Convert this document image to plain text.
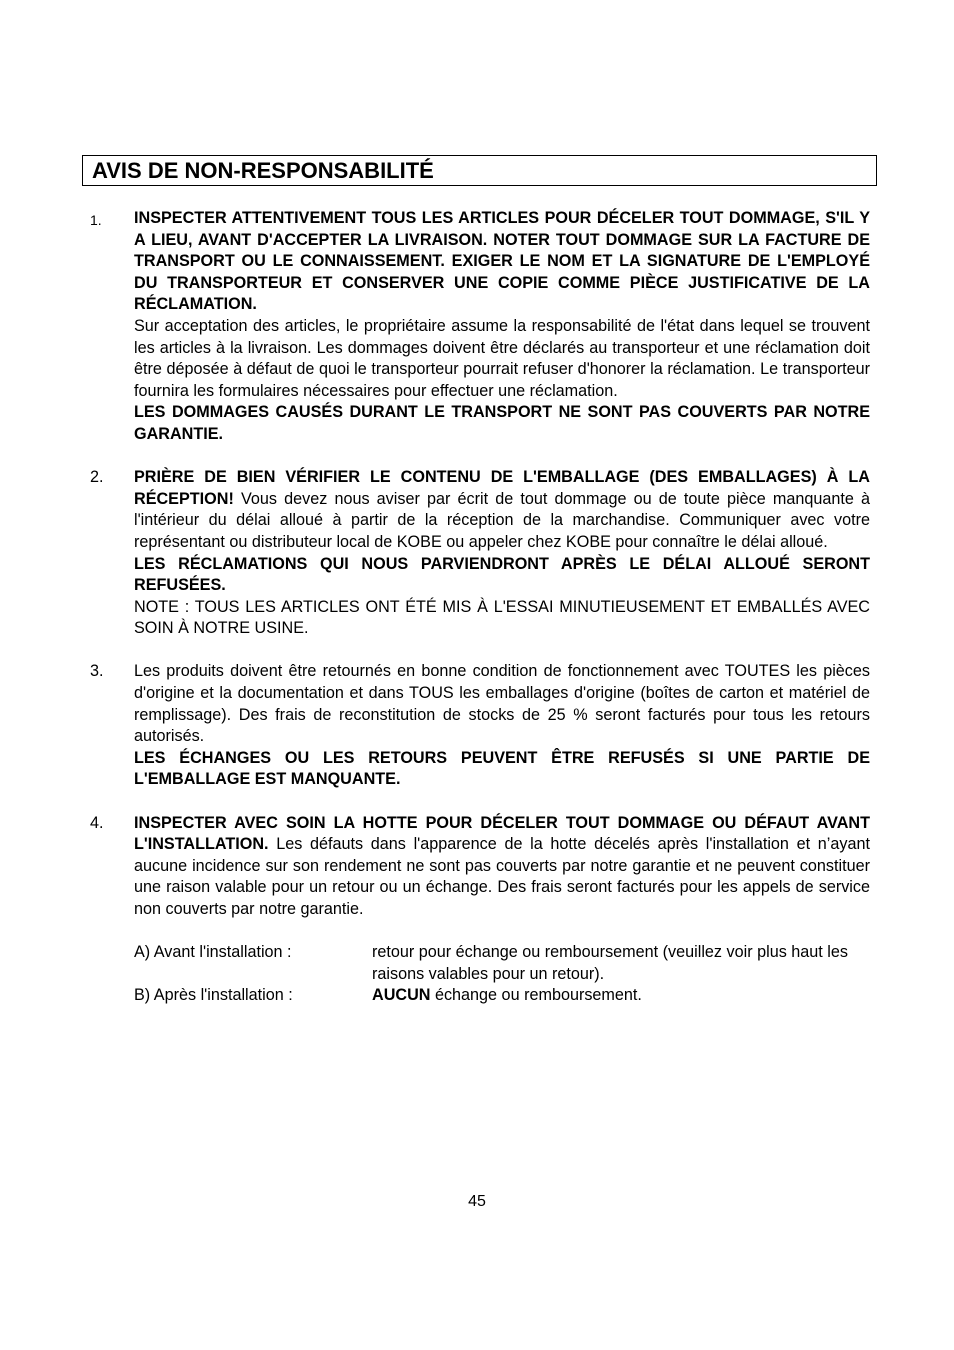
AVIS DE NON-RESPONSABILITÉ
1. INSPECTER ATTENTIVEMENT TOUS LES ARTICLES POUR DÉCELER TOUT DOMMAGE, S'IL Y A LIEU, AVANT D'ACCEPTER LA LIVRAISON. NOTER TOUT DOMMAGE SUR LA FACTURE DE TRANSPORT OU LE CONNAISSEMENT. EXIGER LE NOM ET LA SIGNATURE DE L'EMPLOYÉ DU TRANSPORTEUR ET CONSERVER UNE COPIE COMME PIÈCE JUSTIFICATIVE DE LA RÉCLAMATION.

Sur acceptation des articles, le propriétaire assume la responsabilité de l'état dans lequel se trouvent les articles à la livraison. Les dommages doivent être déclarés au transporteur et une réclamation doit être déposée à défaut de quoi le transporteur pourrait refuser d'honorer la réclamation. Le transporteur fournira les formulaires nécessaires pour effectuer une réclamation.

LES DOMMAGES CAUSÉS DURANT LE TRANSPORT NE SONT PAS COUVERTS PAR NOTRE GARANTIE.

2. PRIÈRE DE BIEN VÉRIFIER LE CONTENU DE L'EMBALLAGE (DES EMBALLAGES) À LA RÉCEPTION! Vous devez nous aviser par écrit de tout dommage ou de toute pièce manquante à l'intérieur du délai alloué à partir de la réception de la marchandise. Communiquer avec votre représentant ou distributeur local de KOBE ou appeler chez KOBE pour connaître le délai alloué.

LES RÉCLAMATIONS QUI NOUS PARVIENDRONT APRÈS LE DÉLAI ALLOUÉ SERONT REFUSÉES.

NOTE : TOUS LES ARTICLES ONT ÉTÉ MIS À L'ESSAI MINUTIEUSEMENT ET EMBALLÉS AVEC SOIN À NOTRE USINE.

3. Les produits doivent être retournés en bonne condition de fonctionnement avec TOUTES les pièces d'origine et la documentation et dans TOUS les emballages d'origine (boîtes de carton et matériel de remplissage). Des frais de reconstitution de stocks de 25 % seront facturés pour tous les retours autorisés.

LES ÉCHANGES OU LES RETOURS PEUVENT ÊTRE REFUSÉS SI UNE PARTIE DE L'EMBALLAGE EST MANQUANTE.

4. INSPECTER AVEC SOIN LA HOTTE POUR DÉCELER TOUT DOMMAGE OU DÉFAUT AVANT L'INSTALLATION. Les défauts dans l'apparence de la hotte décelés après l'installation et n’ayant aucune incidence sur son rendement ne sont pas couverts par notre garantie et ne peuvent constituer une raison valable pour un retour ou un échange. Des frais seront facturés pour les appels de service non couverts par notre garantie.

A) Avant l'installation :	retour pour échange ou remboursement (veuillez voir plus haut les raisons valables pour un retour).
B) Après l'installation :	AUCUN échange ou remboursement.
45
